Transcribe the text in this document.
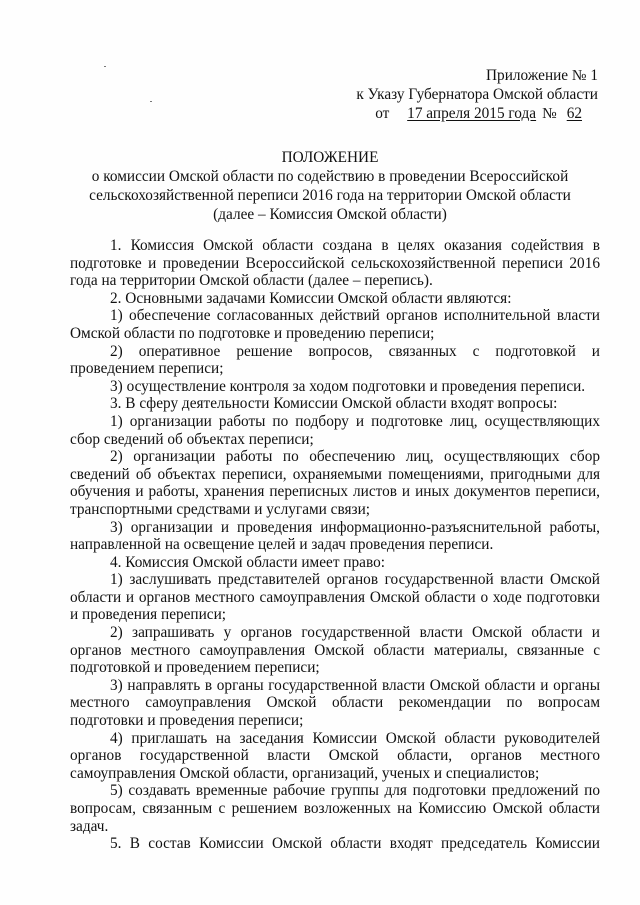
Приложение № 1
к Указу Губернатора Омской области
от 17 апреля 2015 года № 62
ПОЛОЖЕНИЕ
о комиссии Омской области по содействию в проведении Всероссийской
сельскохозяйственной переписи 2016 года на территории Омской области
(далее – Комиссия Омской области)

1. Комиссия Омской области создана в целях оказания содействия в подготовке и проведении Всероссийской сельскохозяйственной переписи 2016 года на территории Омской области (далее – перепись).

2. Основными задачами Комиссии Омской области являются:

1) обеспечение согласованных действий органов исполнительной власти Омской области по подготовке и проведению переписи;

2) оперативное решение вопросов, связанных с подготовкой и проведением переписи;

3) осуществление контроля за ходом подготовки и проведения переписи.

3. В сферу деятельности Комиссии Омской области входят вопросы:

1) организации работы по подбору и подготовке лиц, осуществляющих сбор сведений об объектах переписи;

2) организации работы по обеспечению лиц, осуществляющих сбор сведений об объектах переписи, охраняемыми помещениями, пригодными для обучения и работы, хранения переписных листов и иных документов переписи, транспортными средствами и услугами связи;

3) организации и проведения информационно-разъяснительной работы, направленной на освещение целей и задач проведения переписи.

4. Комиссия Омской области имеет право:

1) заслушивать представителей органов государственной власти Омской области и органов местного самоуправления Омской области о ходе подготовки и проведения переписи;

2) запрашивать у органов государственной власти Омской области и органов местного самоуправления Омской области материалы, связанные с подготовкой и проведением переписи;

3) направлять в органы государственной власти Омской области и органы местного самоуправления Омской области рекомендации по вопросам подготовки и проведения переписи;

4) приглашать на заседания Комиссии Омской области руководителей органов государственной власти Омской области, органов местного самоуправления Омской области, организаций, ученых и специалистов;

5) создавать временные рабочие группы для подготовки предложений по вопросам, связанным с решением возложенных на Комиссию Омской области задач.

5. В состав Комиссии Омской области входят председатель Комиссии
